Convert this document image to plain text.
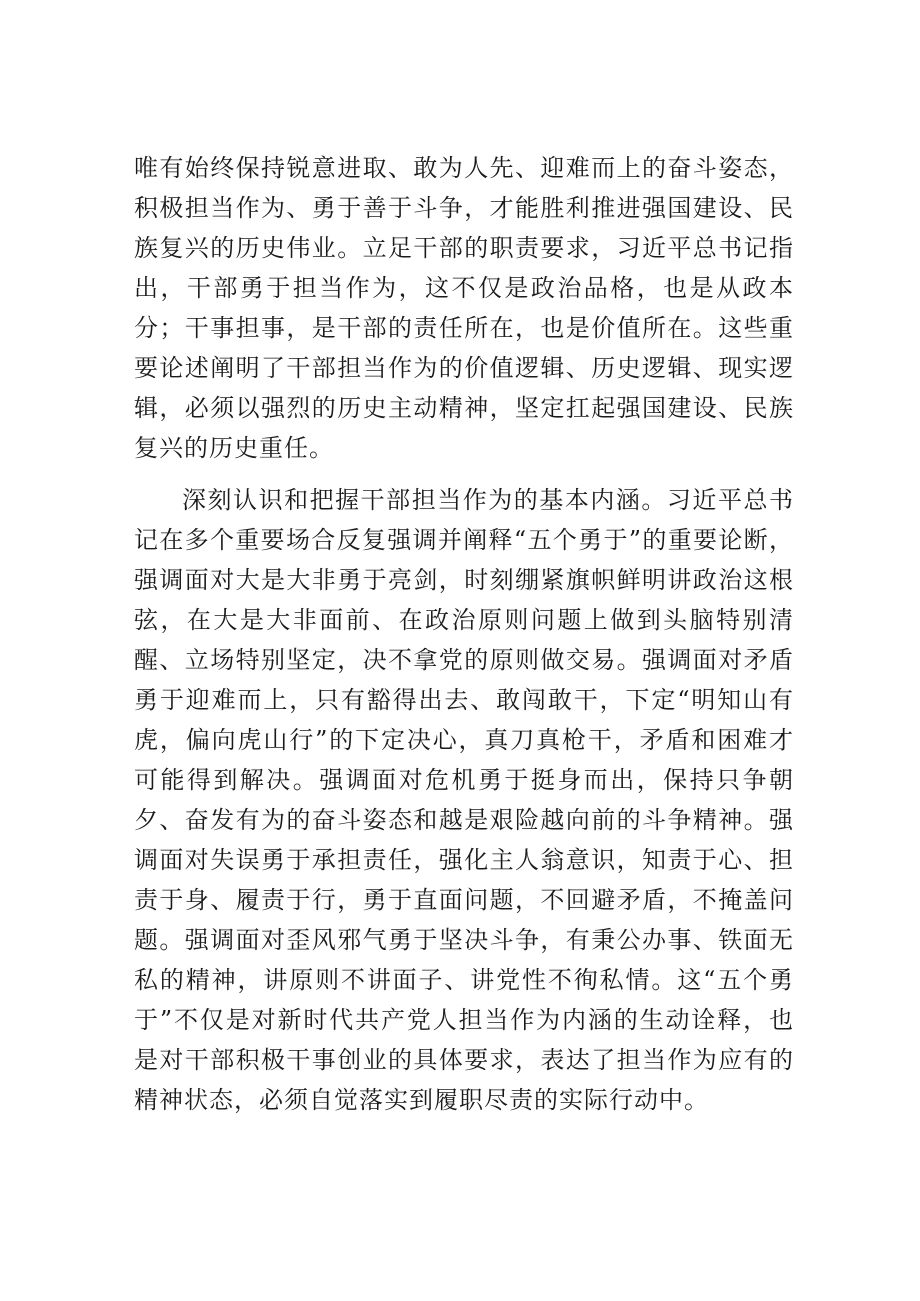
唯有始终保持锐意进取、敢为人先、迎难而上的奋斗姿态，积极担当作为、勇于善于斗争，才能胜利推进强国建设、民族复兴的历史伟业。立足干部的职责要求，习近平总书记指出，干部勇于担当作为，这不仅是政治品格，也是从政本分；干事担事，是干部的责任所在，也是价值所在。这些重要论述阐明了干部担当作为的价值逻辑、历史逻辑、现实逻辑，必须以强烈的历史主动精神，坚定扛起强国建设、民族复兴的历史重任。

深刻认识和把握干部担当作为的基本内涵。习近平总书记在多个重要场合反复强调并阐释“五个勇于”的重要论断，强调面对大是大非勇于亮剑，时刻绷紧旗帜鲜明讲政治这根弦，在大是大非面前、在政治原则问题上做到头脑特别清醒、立场特别坚定，决不拿党的原则做交易。强调面对矛盾勇于迎难而上，只有豁得出去、敢闯敢干，下定“明知山有虎，偏向虎山行”的下定决心，真刀真枪干，矛盾和困难才可能得到解决。强调面对危机勇于挺身而出，保持只争朝夕、奋发有为的奋斗姿态和越是艰险越向前的斗争精神。强调面对失误勇于承担责任，强化主人翁意识，知责于心、担责于身、履责于行，勇于直面问题，不回避矛盾，不掩盖问题。强调面对歪风邪气勇于坚决斗争，有秉公办事、铁面无私的精神，讲原则不讲面子、讲党性不徇私情。这“五个勇于”不仅是对新时代共产党人担当作为内涵的生动诠释，也是对干部积极干事创业的具体要求，表达了担当作为应有的精神状态，必须自觉落实到履职尽责的实际行动中。
